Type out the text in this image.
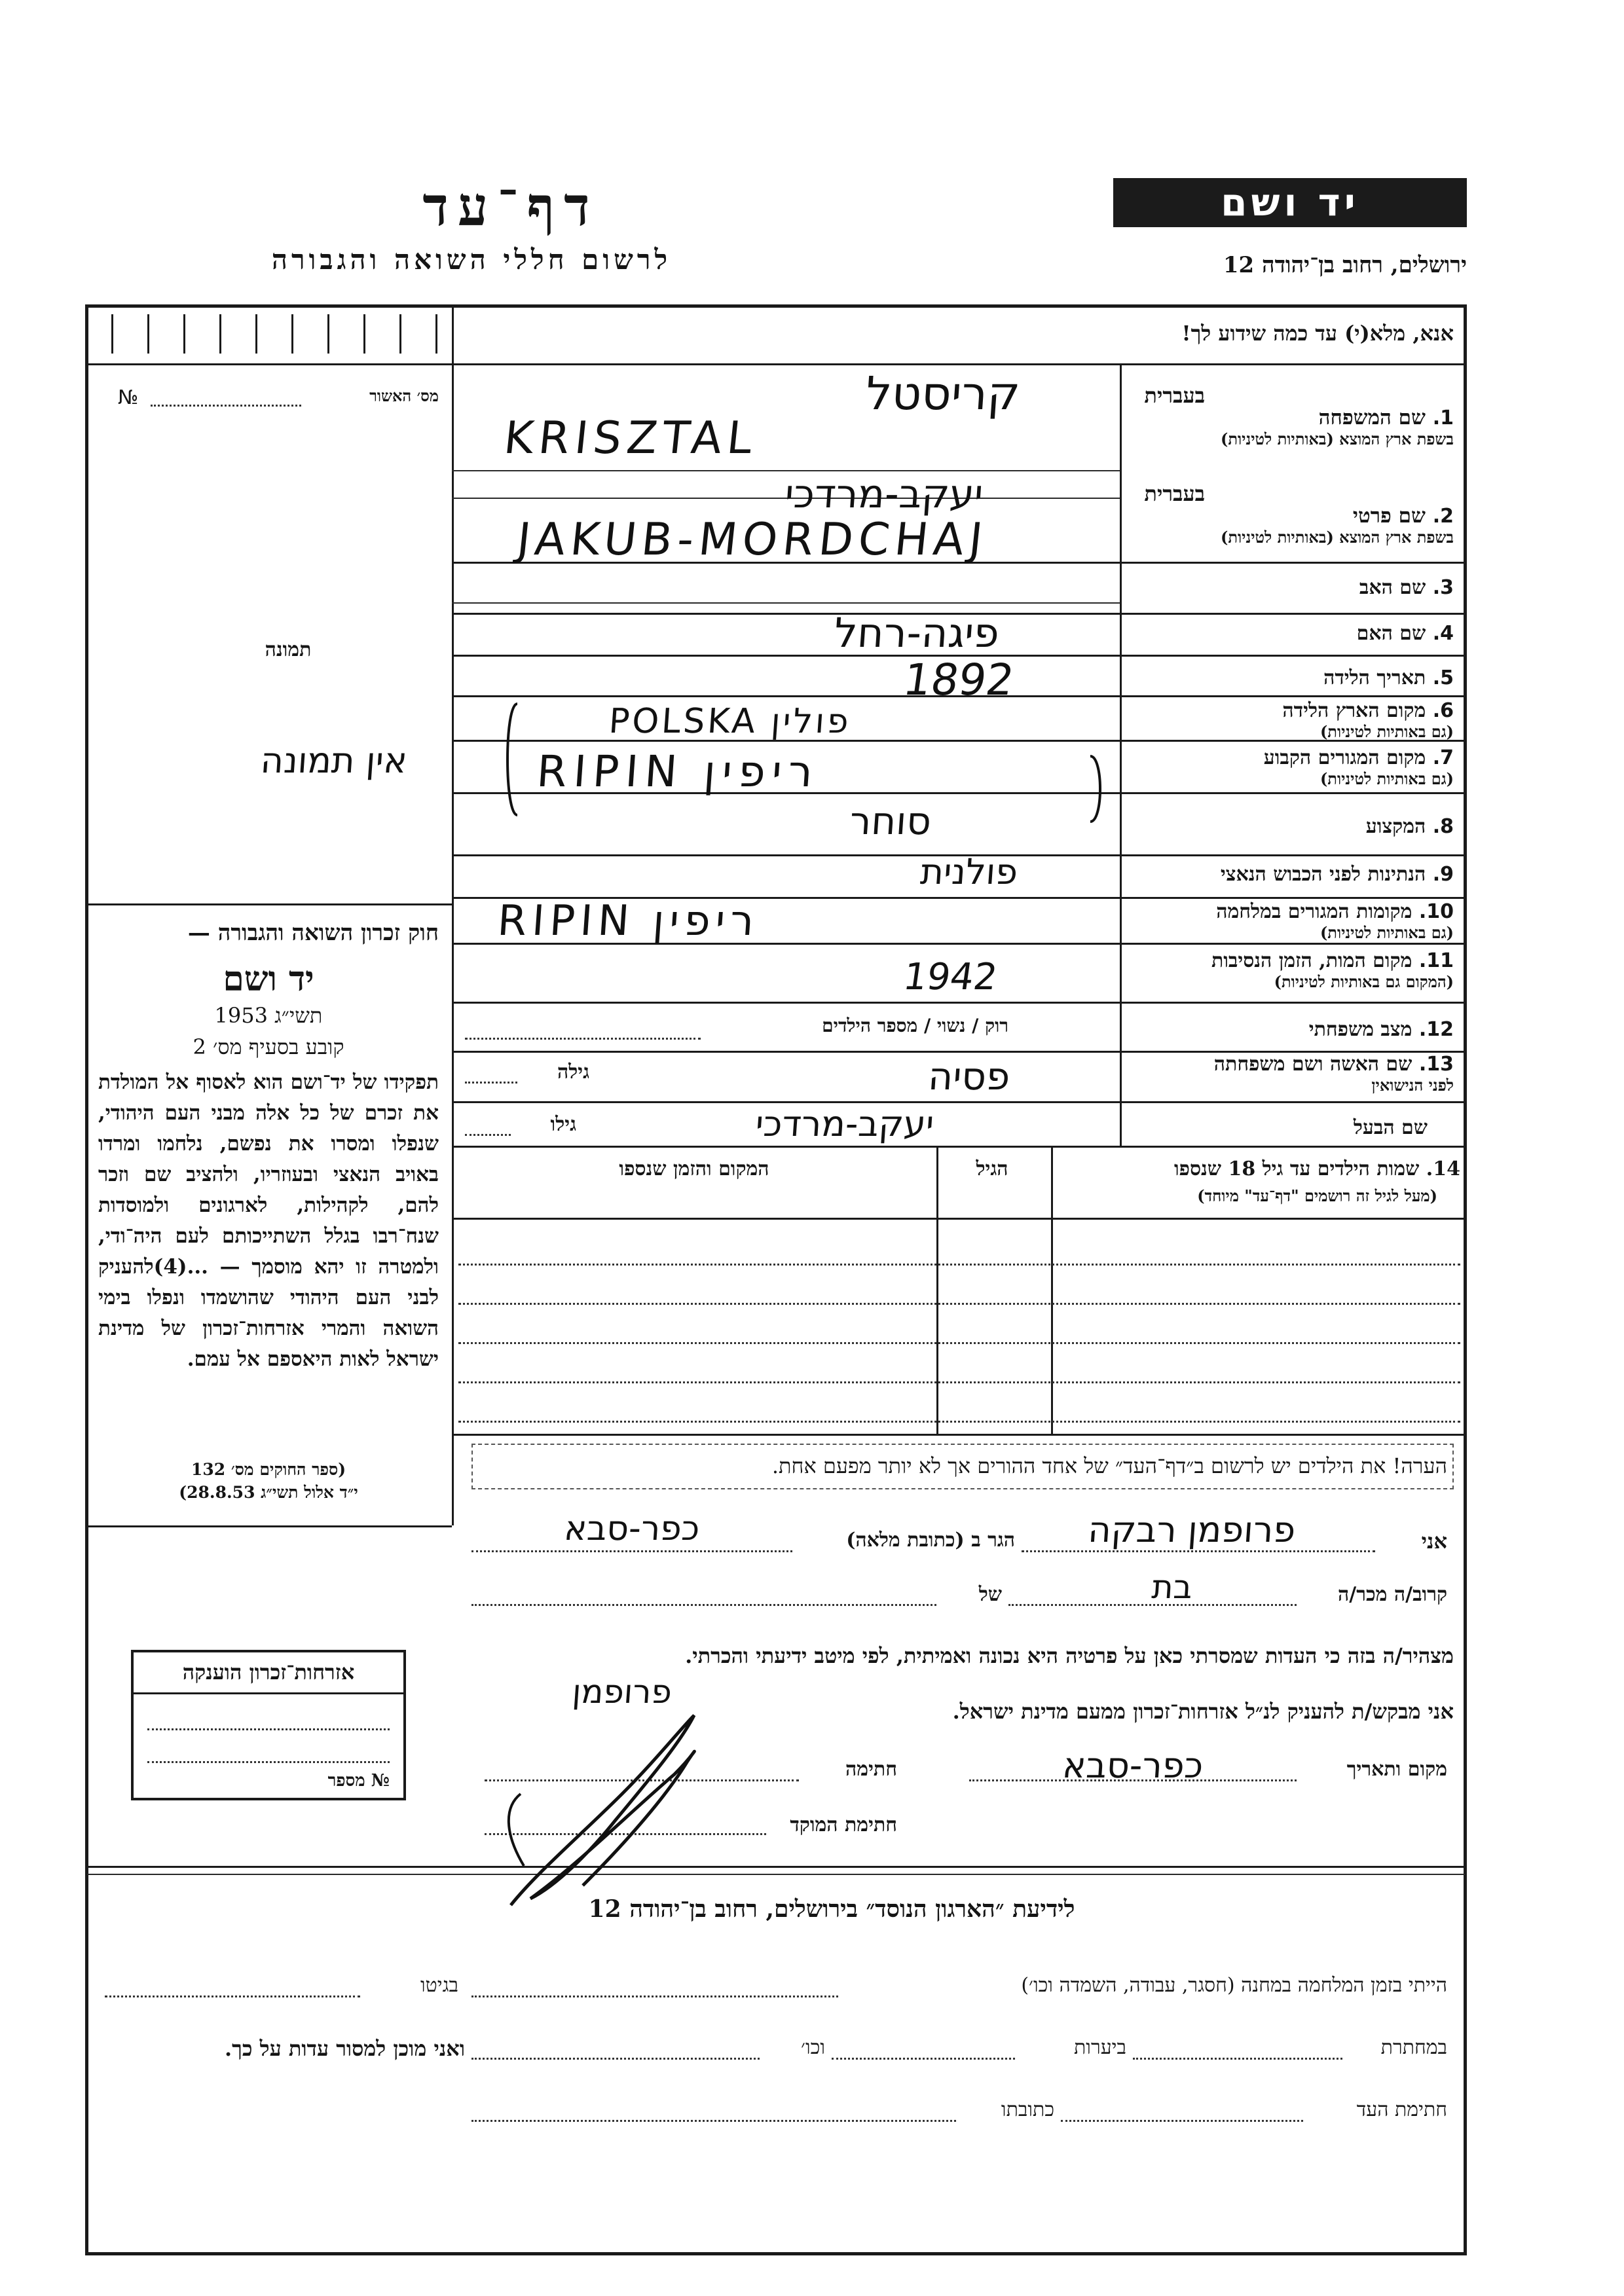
יד ושם
דף־עד
לרשום חללי השואה והגבורה	ירושלים, רחוב בן־יהודה 12
אנא, מלא(י) עד כמה שידוע לך!
מס׳ האשור
№
תמונה
אין תמונה
בעברית
בעברית
1. שם המשפחה
בשפת ארץ המוצא (באותיות לטיניות)
2. שם פרטי
בשפת ארץ המוצא (באותיות לטיניות)
3. שם האב
4. שם האם
5. תאריך הלידה
6. מקום הארץ הלידה
(גם באותיות לטיניות)
7. מקום המגורים הקבוע
(גם באותיות לטיניות)
8. המקצוע
9. הנתינות לפני הכבוש הנאצי
10. מקומות המגורים במלחמה
(גם באותיות לטיניות)
11. מקום המות, הזמן הנסיבות
(המקום גם באותיות לטיניות)
12. מצב משפחתי
13. שם האשה ושם משפחתה
לפני הנישואין
שם הבעל
רוק / נשוי / מספר הילדים
גילה
גילו
14. שמות הילדים עד גיל 18 שנספו
(מעל לגיל זה רושמים "דף־עד" מיוחד)
הגיל
המקום והזמן שנספו
הערה! את הילדים יש לרשום ב״דף־העד״ של אחד ההורים אך לא יותר מפעם אחת.
אני
הגר ב (כתובת מלאה)
קרוב/ה מכר/ה
של
מצהיר/ה בזה כי העדות שמסרתי כאן על פרטיה היא נכונה ואמיתית, לפי מיטב ידיעתי והכרתי.
אני מבקש/ת להעניק לנ״ל אזרחות־זכרון ממעם מדינת ישראל.
מקום ותאריך
חתימה
חתימת המוקד
חוק זכרון השואה והגבורה —
יד ושם
תשי״ג 1953
קובע בסעיף מס׳ 2
תפקידו של יד־ושם הוא לאסוף אל המולדת את זכרם של כל אלה מבני העם היהודי, שנפלו ומסרו את נפשם, נלחמו ומרדו באויב הנאצי ובעוזריו, ולהציב שם וזכר להם, לקהילות, לארגונים ולמוסדות שנח־רבו בגלל השתייכותם לעם היה־ודי, ולמטרה זו יהא מוסמך — ...(4)להעניק לבני העם היהודי שהושמדו ונפלו בימי השואה והמרי אזרחות־זכרון של מדינת ישראל לאות היאספם אל עמם.
(ספר החוקים מס׳ 132
י״ד אלול תשי״ג 28.8.53)
אזרחות־זכרון הוענקה
№ מספר
לידיעת ״הארגון הנוסד״ בירושלים, רחוב בן־יהודה 12
הייתי בזמן המלחמה במחנה (חסגר, עבודה, השמדה וכו׳)
בגיטו
במחתרת
ביערות
וכו׳
ואני מוכן למסור עדות על כך.
חתימת העד
כתובתו
קריסטל
KRISZTAL
יעקב-מרדכי
JAKUB-MORDCHAJ
פיגה-רחל
1892
POLSKA פולין
RIPIN ריפין
סוחר
פולנית
RIPIN ריפין
1942
פסיה
יעקב-מרדכי
פרופמן רבקה
כפר-סבא
בת
פרופמן
כפר-סבא
